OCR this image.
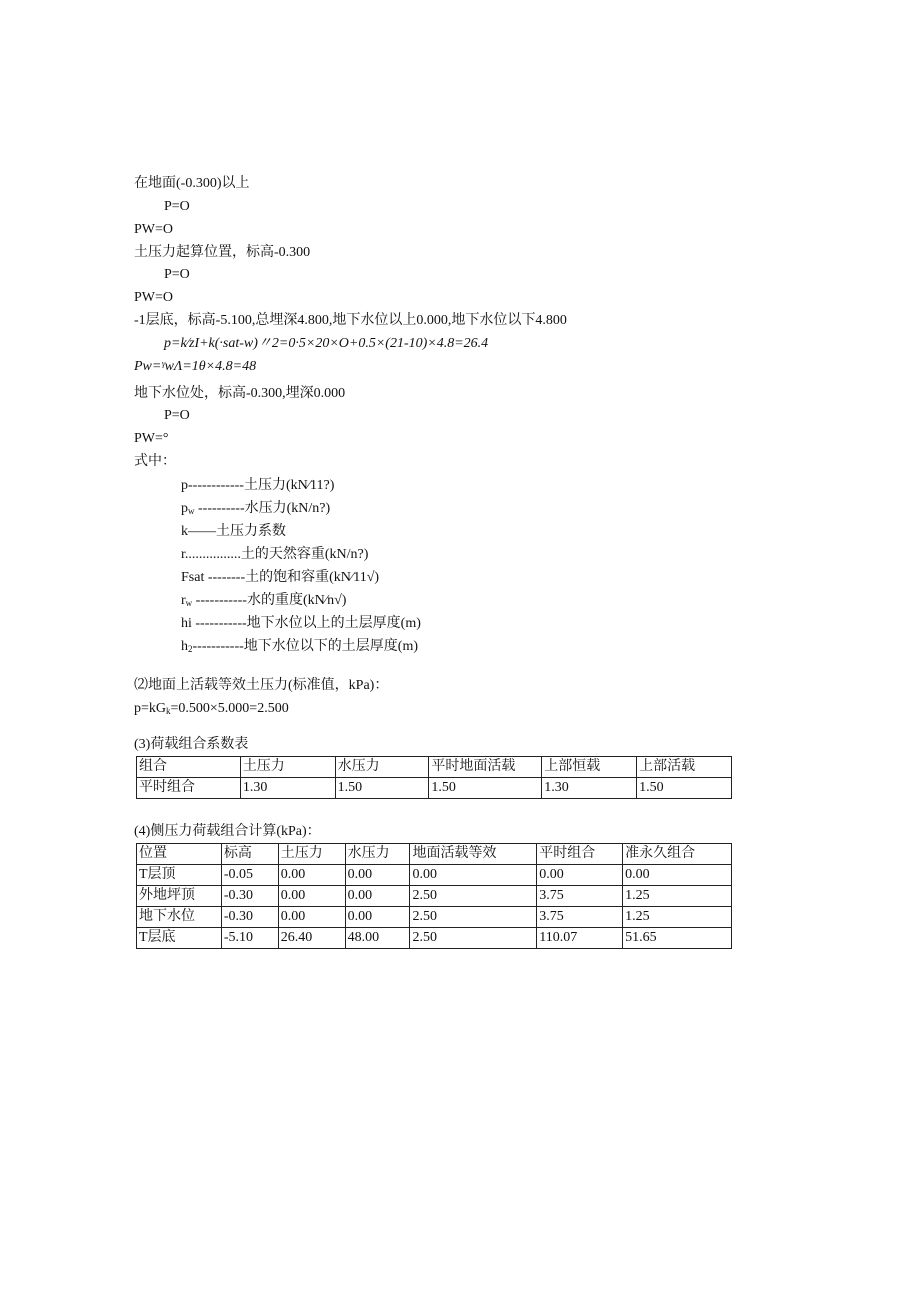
在地面(-0.300)以上
P=O
PW=O
土压力起算位置，标高-0.300
P=O
PW=O
-1层底，标高-5.100,总埋深4.800,地下水位以上0.000,地下水位以下4.800
p=k∕zI+k(·sat-w)〃2=0·5×20×O+0.5×(21-10)×4.8=26.4
Pw=ᵞwΛ=1θ×4.8=48
地下水位处，标高-0.300,埋深0.000
P=O
PW=°
式中：
p------------土压力(kN∕11?)
$p_w$ ----------水压力(kN/n?)
k——土压力系数
r................土的天然容重(kN/n?)
Fsat --------土的饱和容重(kN∕11√)
$r_w$ -----------水的重度(kN∕n√)
hi -----------地下水位以上的土层厚度(m)
$h_2-----------$地下水位以下的土层厚度(m)
⑵地面上活载等效土压力(标准值，kPa)：
$p=kG_k=0.500\times 5.000=2.500$
(3)荷载组合系数表
组合	土压力	水压力	平时地面活载	上部恒载	上部活载
平时组合	1.30	1.50	1.50	1.30	1.50
(4)侧压力荷载组合计算(kPa)：
位置	标高	土压力	水压力	地面活载等效	平时组合	准永久组合
T层顶	-0.05	0.00	0.00	0.00	0.00	0.00
外地坪顶	-0.30	0.00	0.00	2.50	3.75	1.25
地下水位	-0.30	0.00	0.00	2.50	3.75	1.25
T层底	-5.10	26.40	48.00	2.50	110.07	51.65
